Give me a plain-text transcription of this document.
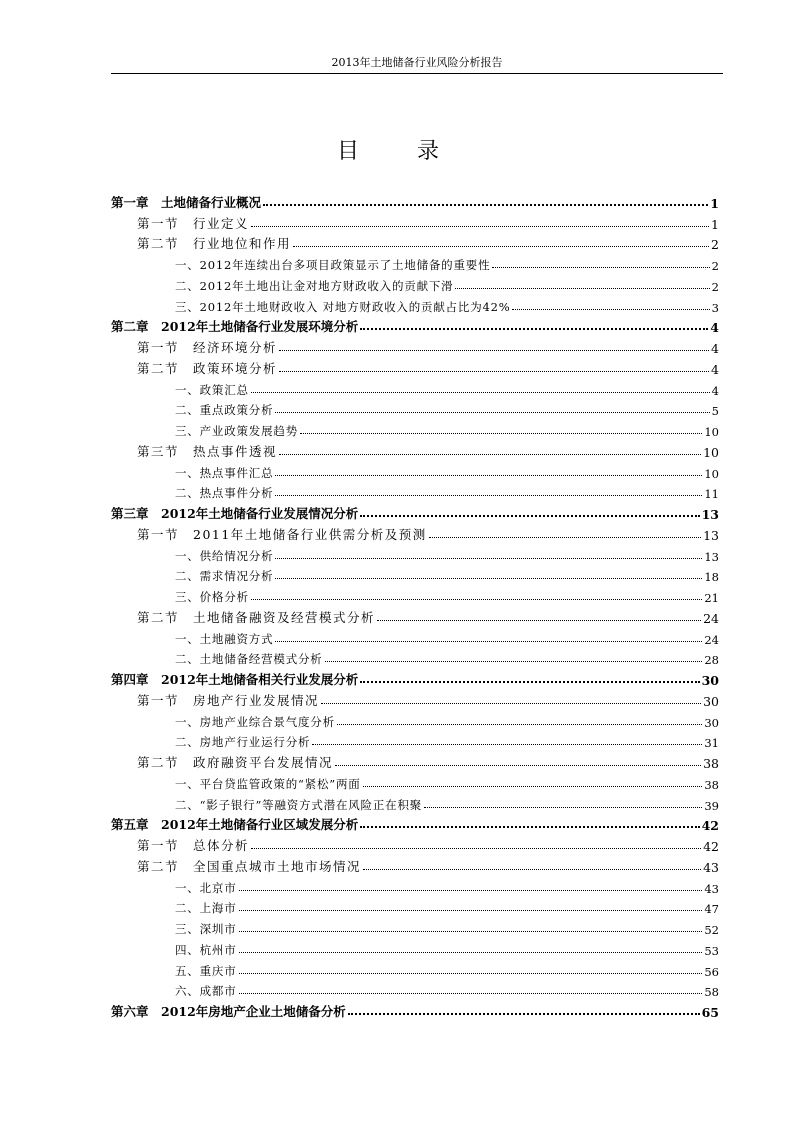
2013年土地储备行业风险分析报告
目　录
第一章　土地储备行业概况	1
第一节　行业定义	1
第二节　行业地位和作用	2
一、2012年连续出台多项目政策显示了土地储备的重要性	2
二、2012年土地出让金对地方财政收入的贡献下滑	2
三、2012年土地财政收入 对地方财政收入的贡献占比为42%	3
第二章　2012年土地储备行业发展环境分析	4
第一节　经济环境分析	4
第二节　政策环境分析	4
一、政策汇总	4
二、重点政策分析	5
三、产业政策发展趋势	10
第三节　热点事件透视	10
一、热点事件汇总	10
二、热点事件分析	11
第三章　2012年土地储备行业发展情况分析	13
第一节　2011年土地储备行业供需分析及预测	13
一、供给情况分析	13
二、需求情况分析	18
三、价格分析	21
第二节　土地储备融资及经营模式分析	24
一、土地融资方式	24
二、土地储备经营模式分析	28
第四章　2012年土地储备相关行业发展分析	30
第一节　房地产行业发展情况	30
一、房地产业综合景气度分析	30
二、房地产行业运行分析	31
第二节　政府融资平台发展情况	38
一、平台贷监管政策的“紧松”两面	38
二、“影子银行”等融资方式潜在风险正在积聚	39
第五章　2012年土地储备行业区域发展分析	42
第一节　总体分析	42
第二节　全国重点城市土地市场情况	43
一、北京市	43
二、上海市	47
三、深圳市	52
四、杭州市	53
五、重庆市	56
六、成都市	58
第六章　2012年房地产企业土地储备分析	65
